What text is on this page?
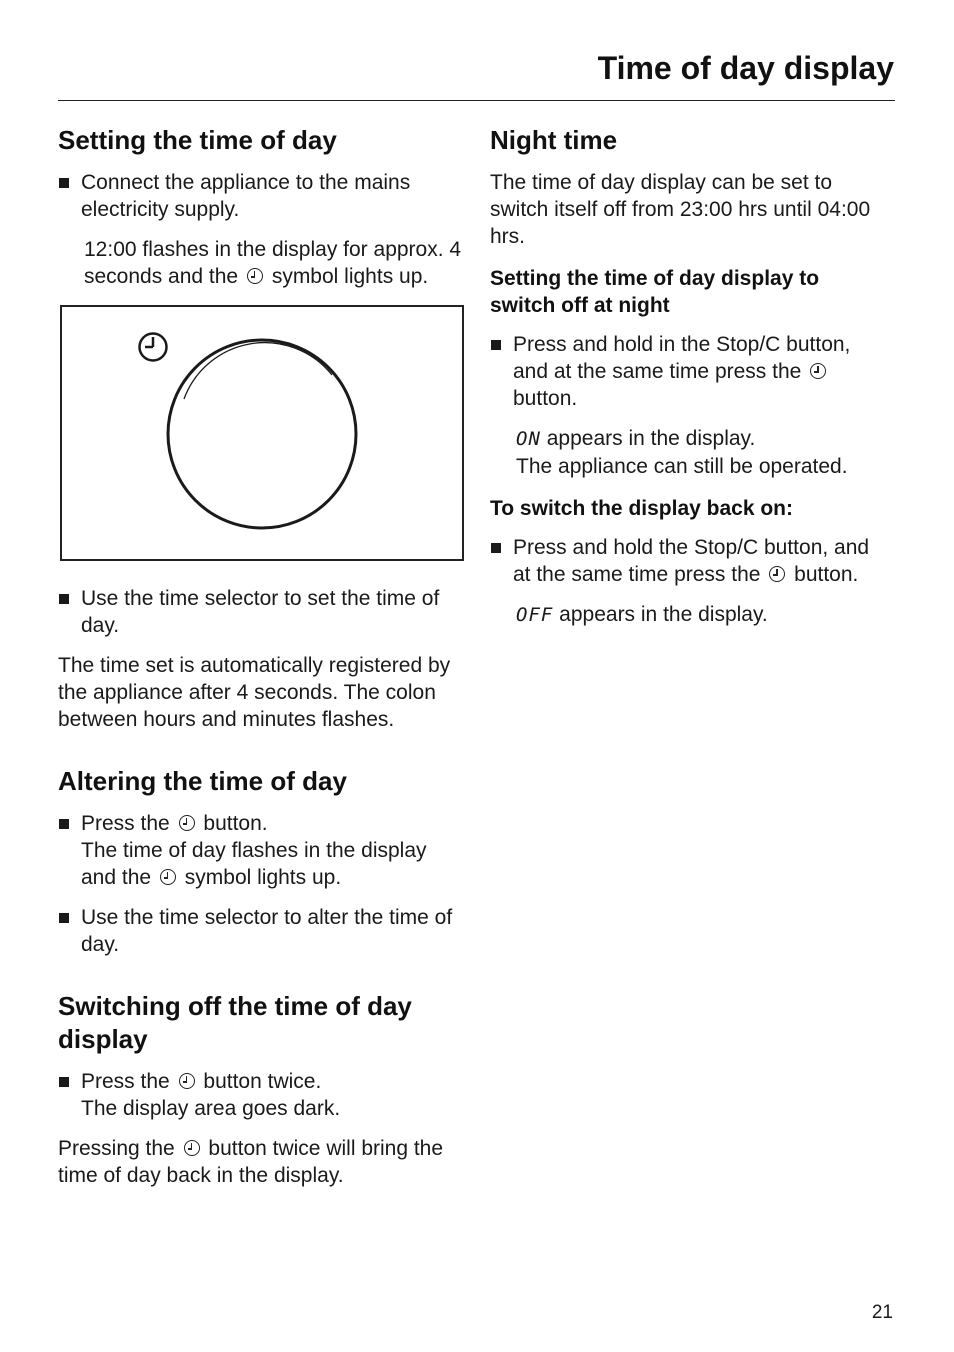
Time of day display
Setting the time of day

Connect the appliance to the mains electricity supply.

12:00 flashes in the display for approx. 4 seconds and the symbol lights up.

Use the time selector to set the time of day.

The time set is automatically registered by the appliance after 4 seconds. The colon between hours and minutes flashes.

Altering the time of day

Press the button.
The time of day flashes in the display and the symbol lights up.

Use the time selector to alter the time of day.

Switching off the time of day display

Press the button twice.
The display area goes dark.

Pressing the button twice will bring the time of day back in the display.

Night time

The time of day display can be set to switch itself off from 23:00 hrs until 04:00 hrs.

Setting the time of day display to switch off at night

Press and hold in the Stop/C button, and at the same time press the  button.

ON appears in the display.
The appliance can still be operated.

To switch the display back on:

Press and hold the Stop/C button, and at the same time press the button.

OFF appears in the display.

21
